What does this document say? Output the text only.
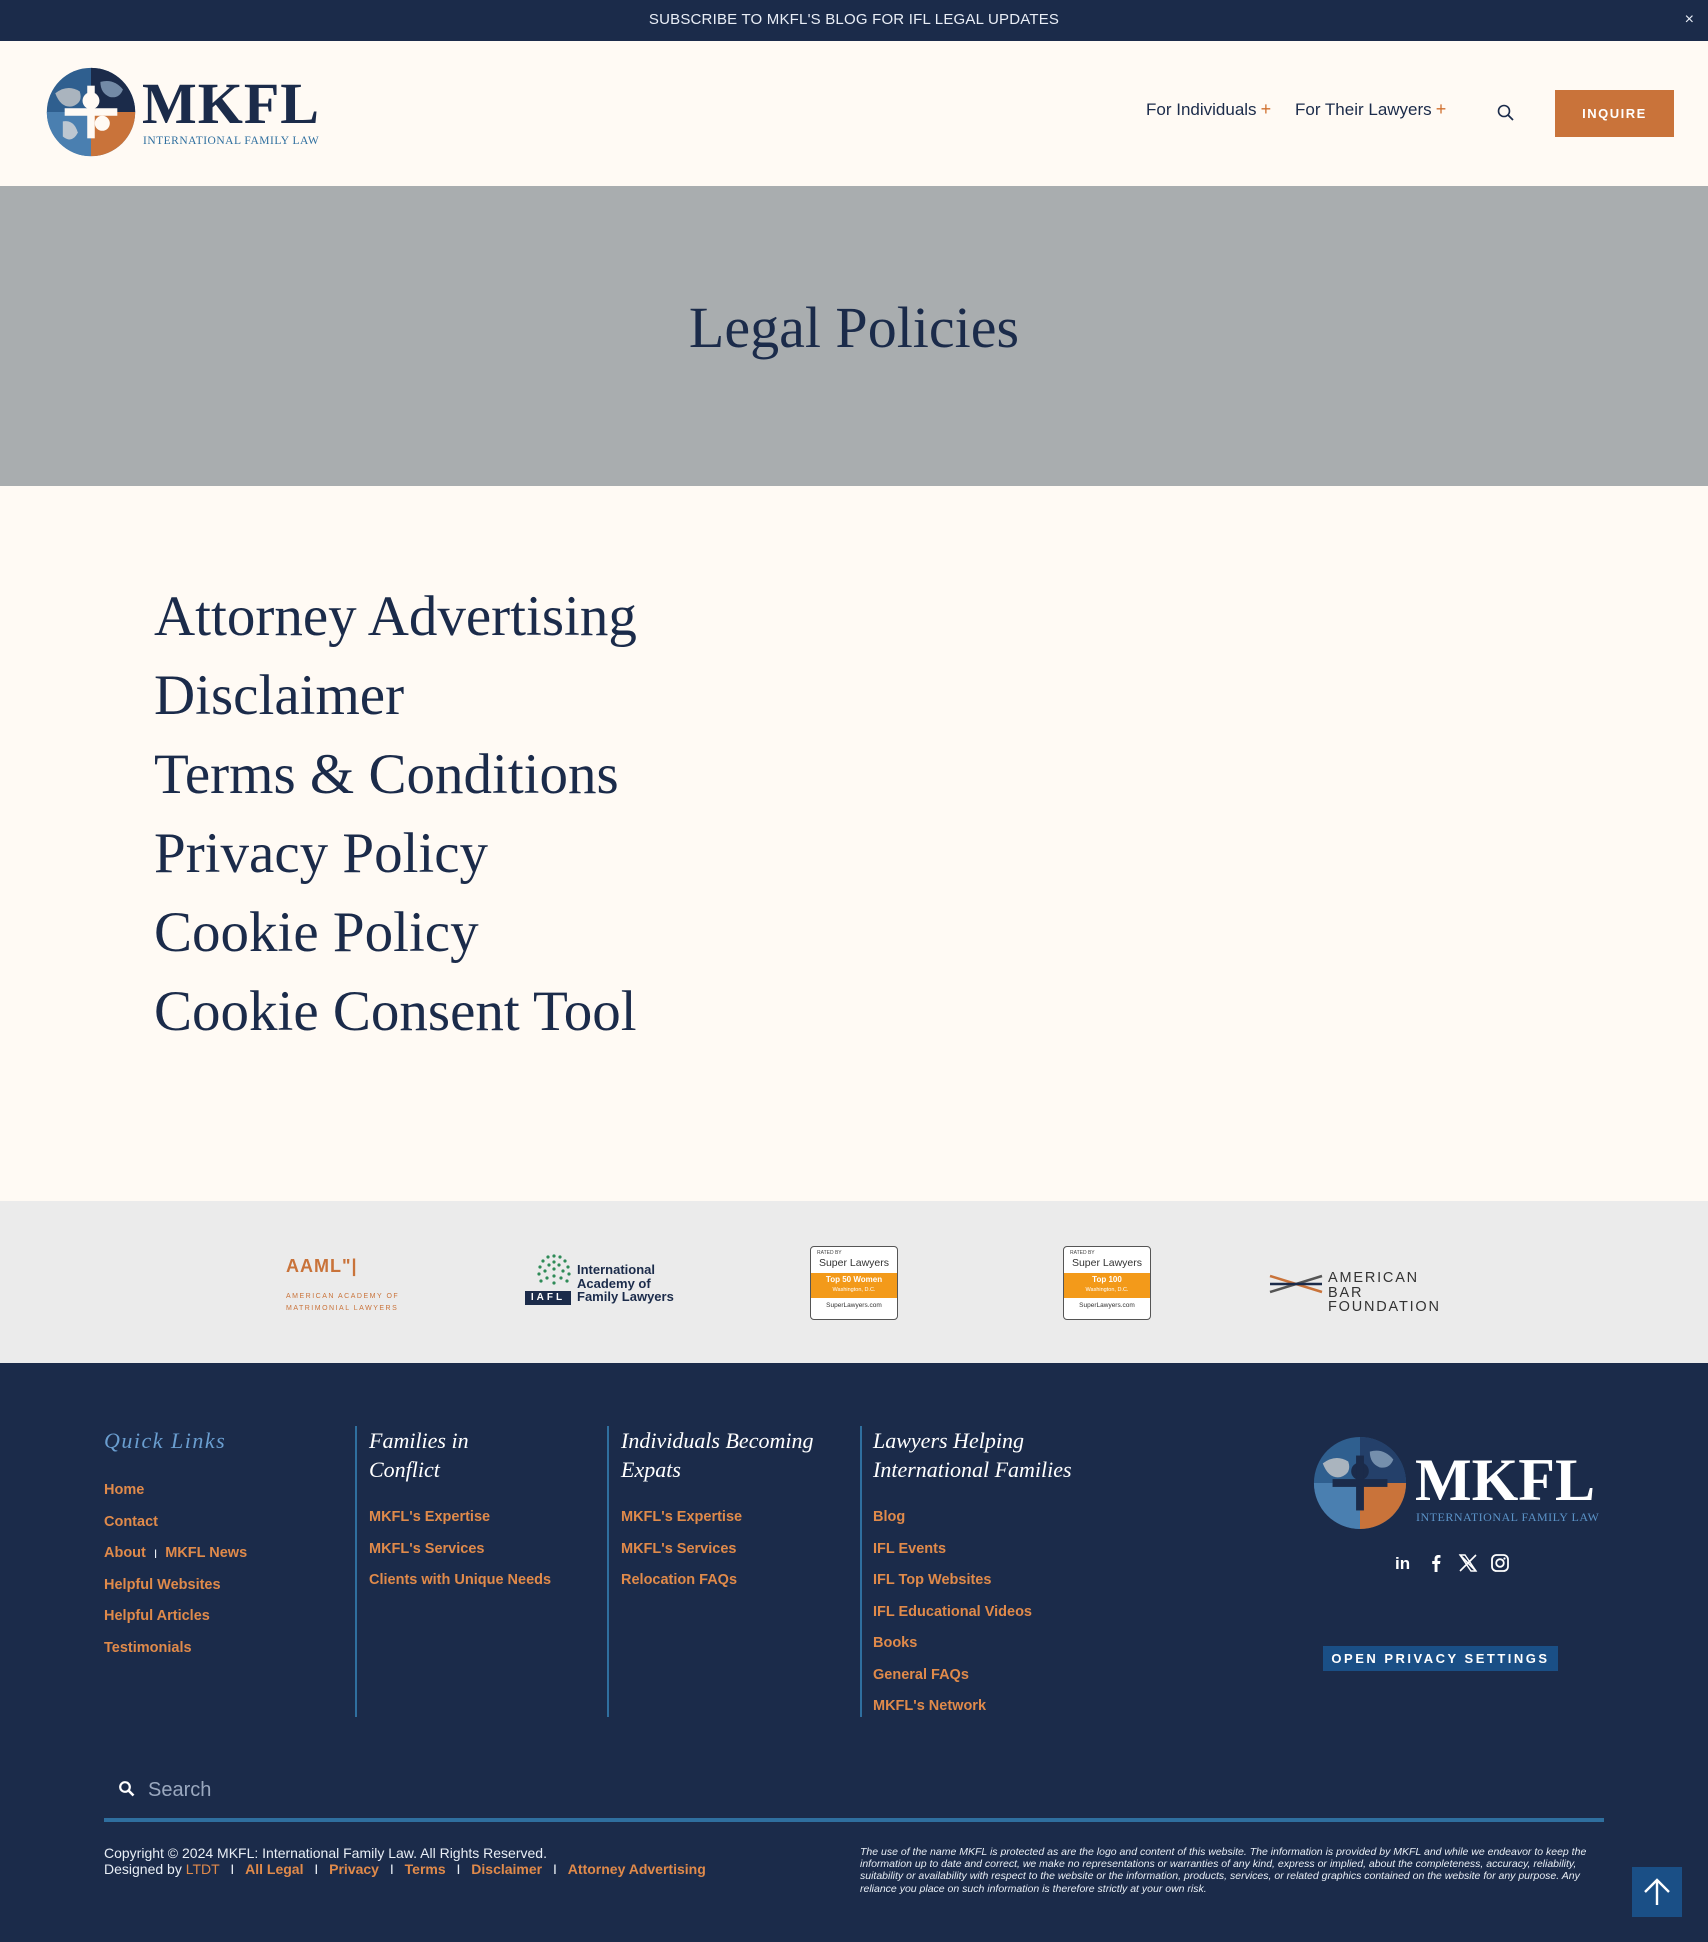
SUBSCRIBE TO MKFL'S BLOG FOR IFL LEGAL UPDATES	×
MKFL
INTERNATIONAL FAMILY LAW
For Individuals + For Their Lawyers +	INQUIRE
Legal Policies
Attorney Advertising
Disclaimer
Terms & Conditions
Privacy Policy
Cookie Policy
Cookie Consent Tool
$^{AAML"|}$
AMERICAN ACADEMY OF
MATRIMONIAL LAWYERS
IAFL
International
Academy of
Family Lawyers
RATED BY
Super Lawyers
Top 50 Women
Washington, D.C.
SuperLawyers.com
RATED BY
Super Lawyers
Top 100
Washington, D.C.
SuperLawyers.com
AMERICAN BAR
FOUNDATION
Quick Links
Home
Contact
About I MKFL News
Helpful Websites
Helpful Articles
Testimonials
Families in
Conflict
MKFL's Expertise
MKFL's Services
Clients with Unique Needs
Individuals Becoming
Expats
MKFL's Expertise
MKFL's Services
Relocation FAQs
Lawyers Helping
International Families
Blog
IFL Events
IFL Top Websites
IFL Educational Videos
Books
General FAQs
MKFL's Network
MKFL
INTERNATIONAL FAMILY LAW
in
OPEN PRIVACY SETTINGS
Search
Copyright © 2024 MKFL: International Family Law. All Rights Reserved.
Designed by LTDT I All Legal I Privacy I Terms I Disclaimer I Attorney Advertising
The use of the name MKFL is protected as are the logo and content of this website. The information is provided by MKFL and while we endeavor to keep the information up to date and correct, we make no representations or warranties of any kind, express or implied, about the completeness, accuracy, reliability, suitability or availability with respect to the website or the information, products, services, or related graphics contained on the website for any purpose. Any reliance you place on such information is therefore strictly at your own risk.
